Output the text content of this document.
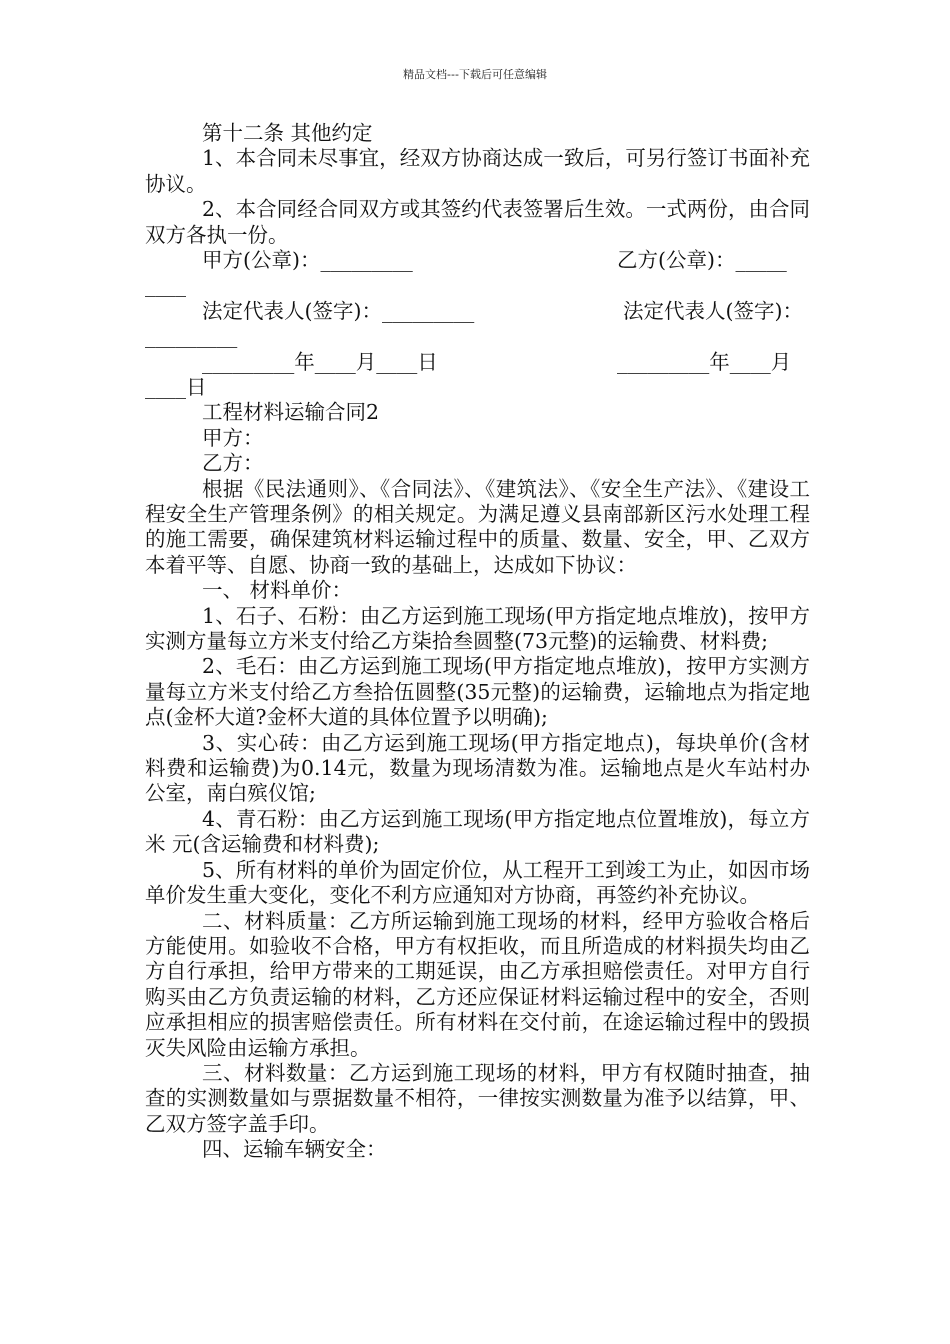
精品文档---下载后可任意编辑

第十二条 其他约定

1、本合同未尽事宜，经双方协商达成一致后，可另行签订书面补充协议。

2、本合同经合同双方或其签约代表签署后生效。一式两份，由合同双方各执一份。

甲方(公章)：_________	乙方(公章)：_____
____
法定代表人(签字)：_________	法定代表人(签字)：
_________
_________年____月____日	_________年____月
____日

工程材料运输合同2

甲方：

乙方：

根据《民法通则》、《合同法》、《建筑法》、《安全生产法》、《建设工程安全生产管理条例》的相关规定。为满足遵义县南部新区污水处理工程的施工需要，确保建筑材料运输过程中的质量、数量、安全，甲、乙双方本着平等、自愿、协商一致的基础上，达成如下协议：

一、 材料单价：

1、石子、石粉：由乙方运到施工现场(甲方指定地点堆放)，按甲方实测方量每立方米支付给乙方柒拾叁圆整(73元整)的运输费、材料费;

2、毛石：由乙方运到施工现场(甲方指定地点堆放)，按甲方实测方量每立方米支付给乙方叁拾伍圆整(35元整)的运输费，运输地点为指定地点(金杯大道?金杯大道的具体位置予以明确);

3、实心砖：由乙方运到施工现场(甲方指定地点)，每块单价(含材料费和运输费)为0.14元，数量为现场清数为准。运输地点是火车站村办公室，南白殡仪馆;

4、青石粉：由乙方运到施工现场(甲方指定地点位置堆放)，每立方米 元(含运输费和材料费);

5、所有材料的单价为固定价位，从工程开工到竣工为止，如因市场单价发生重大变化，变化不利方应通知对方协商，再签约补充协议。

二、材料质量：乙方所运输到施工现场的材料，经甲方验收合格后方能使用。如验收不合格，甲方有权拒收，而且所造成的材料损失均由乙方自行承担，给甲方带来的工期延误，由乙方承担赔偿责任。对甲方自行购买由乙方负责运输的材料，乙方还应保证材料运输过程中的安全，否则应承担相应的损害赔偿责任。所有材料在交付前，在途运输过程中的毁损灭失风险由运输方承担。

三、材料数量：乙方运到施工现场的材料，甲方有权随时抽查，抽查的实测数量如与票据数量不相符，一律按实测数量为准予以结算，甲、乙双方签字盖手印。

四、运输车辆安全：
